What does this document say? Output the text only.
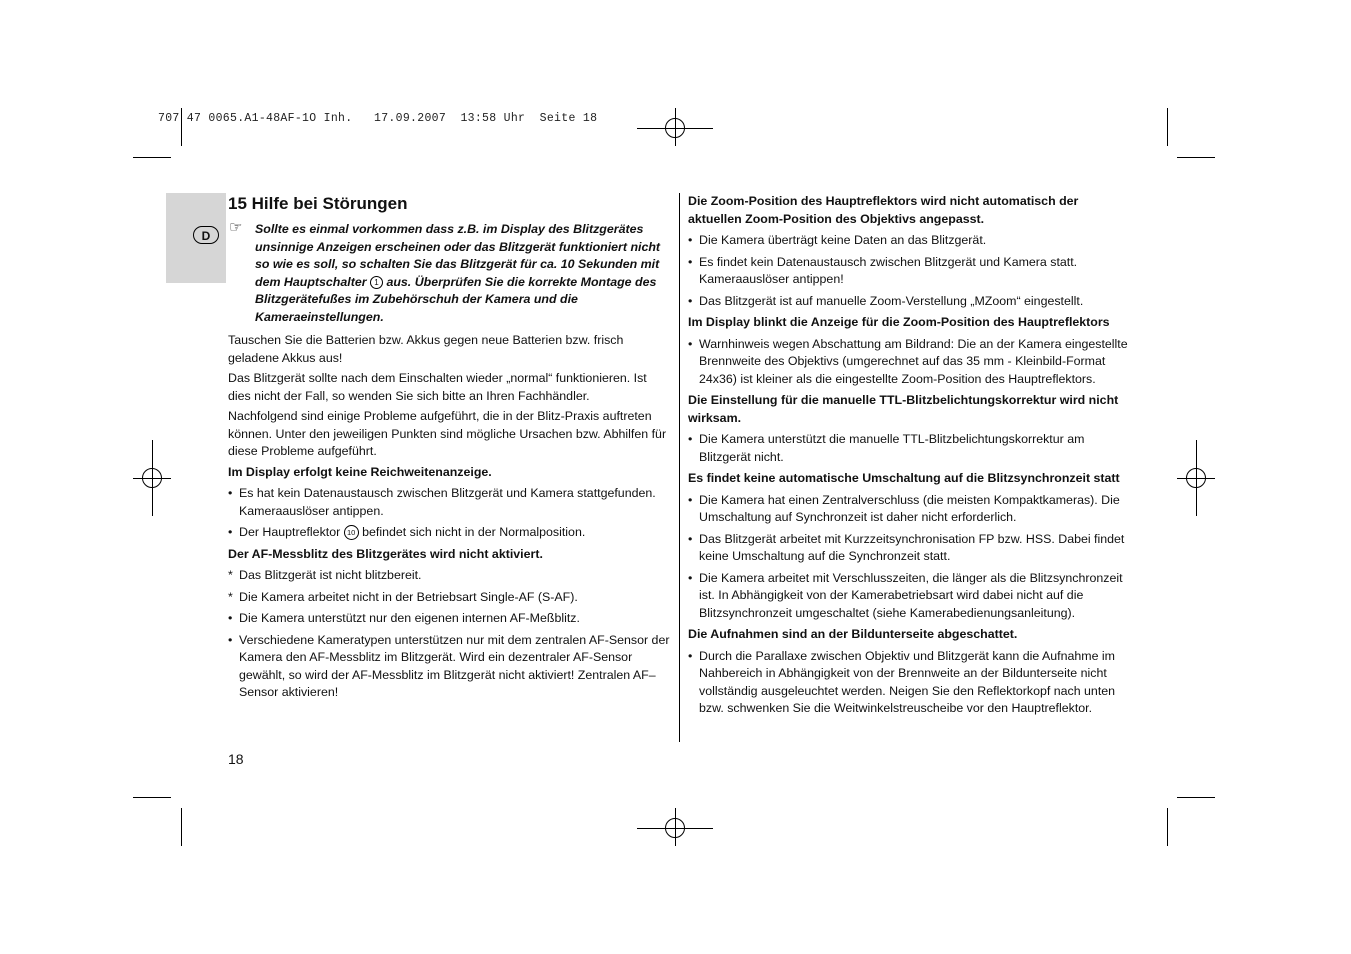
707 47 0065.A1-48AF-1O Inh.   17.09.2007  13:58 Uhr  Seite 18
D
15 Hilfe bei Störungen
☞ Sollte es einmal vorkommen dass z.B. im Display des Blitzgerätes unsinnige Anzeigen erscheinen oder das Blitzgerät funktioniert nicht so wie es soll, so schalten Sie das Blitzgerät für ca. 10 Sekunden mit dem Hauptschalter 1 aus. Überprüfen Sie die korrekte Montage des Blitzgerätefußes im Zubehörschuh der Kamera und die Kameraeinstellungen.

Tauschen Sie die Batterien bzw. Akkus gegen neue Batterien bzw. frisch geladene Akkus aus!

Das Blitzgerät sollte nach dem Einschalten wieder „normal“ funktionieren. Ist dies nicht der Fall, so wenden Sie sich bitte an Ihren Fachhändler.

Nachfolgend sind einige Probleme aufgeführt, die in der Blitz-Praxis auftreten können. Unter den jeweiligen Punkten sind mögliche Ursachen bzw. Abhilfen für diese Probleme aufgeführt.

Im Display erfolgt keine Reichweitenanzeige.
• Es hat kein Datenaustausch zwischen Blitzgerät und Kamera stattgefunden. Kameraauslöser antippen.
• Der Hauptreflektor 10 befindet sich nicht in der Normalposition.
Der AF-Messblitz des Blitzgerätes wird nicht aktiviert.
* Das Blitzgerät ist nicht blitzbereit.
* Die Kamera arbeitet nicht in der Betriebsart Single-AF (S-AF).
• Die Kamera unterstützt nur den eigenen internen AF-Meßblitz.
• Verschiedene Kameratypen unterstützen nur mit dem zentralen AF-Sensor der Kamera den AF-Messblitz im Blitzgerät. Wird ein dezentraler AF-Sensor gewählt, so wird der AF-Messblitz im Blitzgerät nicht aktiviert! Zentralen AF–Sensor aktivieren!
Die Zoom-Position des Hauptreflektors wird nicht automatisch der aktuellen Zoom-Position des Objektivs angepasst.
• Die Kamera überträgt keine Daten an das Blitzgerät.
• Es findet kein Datenaustausch zwischen Blitzgerät und Kamera statt. Kameraauslöser antippen!
• Das Blitzgerät ist auf manuelle Zoom-Verstellung „MZoom“ eingestellt.
Im Display blinkt die Anzeige für die Zoom-Position des Hauptreflektors
• Warnhinweis wegen Abschattung am Bildrand: Die an der Kamera eingestellte Brennweite des Objektivs (umgerechnet auf das 35 mm - Kleinbild-Format 24x36) ist kleiner als die eingestellte Zoom-Position des Hauptreflektors.
Die Einstellung für die manuelle TTL-Blitzbelichtungskorrektur wird nicht wirksam.
• Die Kamera unterstützt die manuelle TTL-Blitzbelichtungskorrektur am Blitzgerät nicht.
Es findet keine automatische Umschaltung auf die Blitzsynchronzeit statt
• Die Kamera hat einen Zentralverschluss (die meisten Kompaktkameras). Die Umschaltung auf Synchronzeit ist daher nicht erforderlich.
• Das Blitzgerät arbeitet mit Kurzzeitsynchronisation FP bzw. HSS. Dabei findet keine Umschaltung auf die Synchronzeit statt.
• Die Kamera arbeitet mit Verschlusszeiten, die länger als die Blitzsynchronzeit ist. In Abhängigkeit von der Kamerabetriebsart wird dabei nicht auf die Blitzsynchronzeit umgeschaltet (siehe Kamerabedienungsanleitung).
Die Aufnahmen sind an der Bildunterseite abgeschattet.
• Durch die Parallaxe zwischen Objektiv und Blitzgerät kann die Aufnahme im Nahbereich in Abhängigkeit von der Brennweite an der Bildunterseite nicht vollständig ausgeleuchtet werden. Neigen Sie den Reflektorkopf nach unten bzw. schwenken Sie die Weitwinkelstreuscheibe vor den Hauptreflektor.
18
